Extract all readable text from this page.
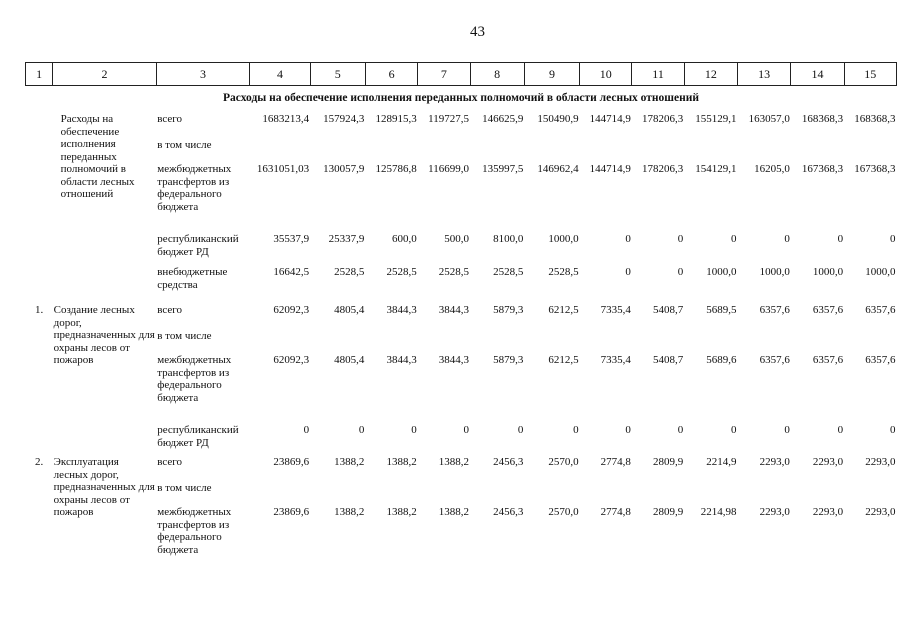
43
1	2	3	4	5	6	7	8	9	10	11	12	13	14	15
Расходы на обеспечение исполнения переданных полномочий в области лесных отношений														
	Расходы на обеспечение исполнения переданных полномочий в области лесных отношений	всего	1683213,4	157924,3	128915,3	119727,5	146625,9	150490,9	144714,9	178206,3	155129,1	163057,0	168368,3	168368,3
		в том числе												
		межбюджетных трансфертов из федерального бюджета	1631051,03	130057,9	125786,8	116699,0	135997,5	146962,4	144714,9	178206,3	154129,1	16205,0	167368,3	167368,3
		республиканский бюджет РД	35537,9	25337,9	600,0	500,0	8100,0	1000,0	0	0	0	0	0	0
		внебюджетные средства	16642,5	2528,5	2528,5	2528,5	2528,5	2528,5	0	0	1000,0	1000,0	1000,0	1000,0
1.	Создание лесных дорог, предназначенных для охраны лесов от пожаров	всего	62092,3	4805,4	3844,3	3844,3	5879,3	6212,5	7335,4	5408,7	5689,5	6357,6	6357,6	6357,6
		в том числе												
		межбюджетных трансфертов из федерального бюджета	62092,3	4805,4	3844,3	3844,3	5879,3	6212,5	7335,4	5408,7	5689,6	6357,6	6357,6	6357,6
		республиканский бюджет РД	0	0	0	0	0	0	0	0	0	0	0	0
2.	Эксплуатация лесных дорог, предназначенных для охраны лесов от пожаров	всего	23869,6	1388,2	1388,2	1388,2	2456,3	2570,0	2774,8	2809,9	2214,9	2293,0	2293,0	2293,0
		в том числе												
		межбюджетных трансфертов из федерального бюджета	23869,6	1388,2	1388,2	1388,2	2456,3	2570,0	2774,8	2809,9	2214,98	2293,0	2293,0	2293,0
